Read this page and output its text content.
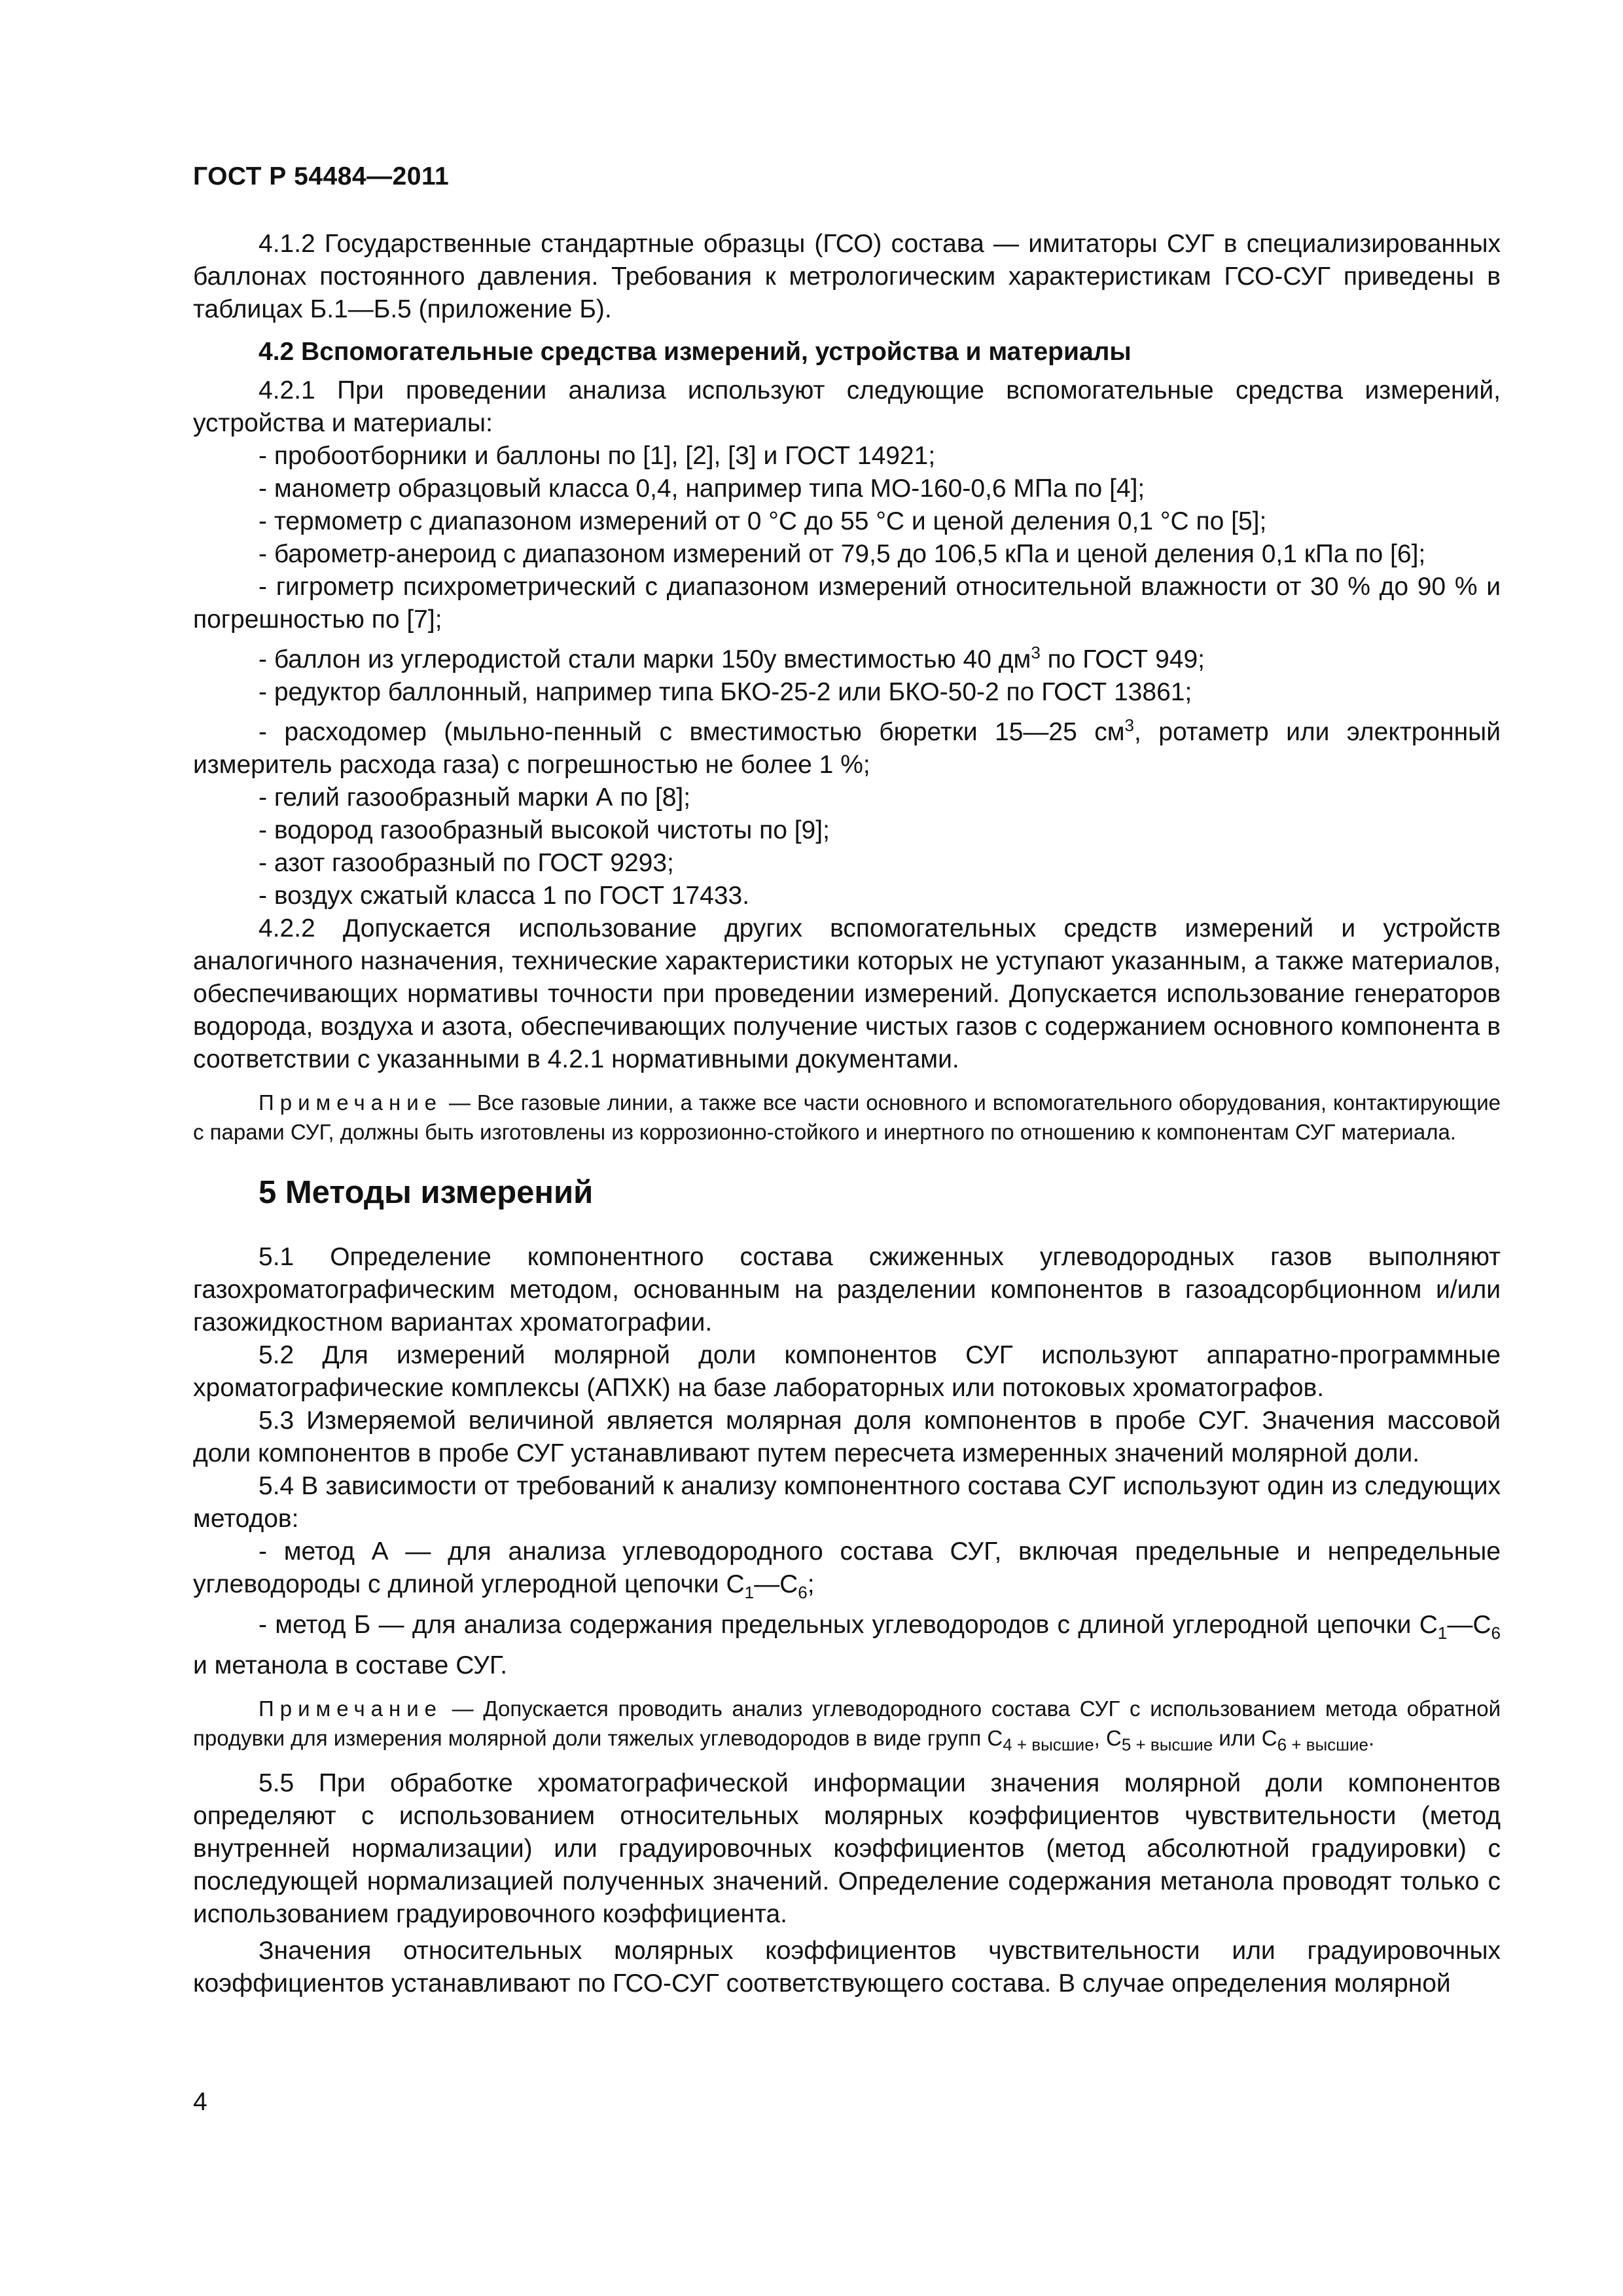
ГОСТ Р 54484—2011

4.1.2 Государственные стандартные образцы (ГСО) состава — имитаторы СУГ в специализированных баллонах постоянного давления. Требования к метрологическим характеристикам ГСО-СУГ приведены в таблицах Б.1—Б.5 (приложение Б).

4.2 Вспомогательные средства измерений, устройства и материалы

4.2.1 При проведении анализа используют следующие вспомогательные средства измерений, устройства и материалы:

- пробоотборники и баллоны по [1], [2], [3] и ГОСТ 14921;

- манометр образцовый класса 0,4, например типа МО-160-0,6 МПа по [4];

- термометр с диапазоном измерений от 0 °С до 55 °С и ценой деления 0,1 °С по [5];

- барометр-анероид с диапазоном измерений от 79,5 до 106,5 кПа и ценой деления 0,1 кПа по [6];

- гигрометр психрометрический с диапазоном измерений относительной влажности от 30 % до 90 % и погрешностью по [7];

- баллон из углеродистой стали марки 150у вместимостью 40 $дм^3$ по ГОСТ 949;

- редуктор баллонный, например типа БКО-25-2 или БКО-50-2 по ГОСТ 13861;

- расходомер (мыльно-пенный с вместимостью бюретки 15—25 $см^3$, ротаметр или электронный измеритель расхода газа) с погрешностью не более 1 %;

- гелий газообразный марки А по [8];

- водород газообразный высокой чистоты по [9];

- азот газообразный по ГОСТ 9293;

- воздух сжатый класса 1 по ГОСТ 17433.

4.2.2 Допускается использование других вспомогательных средств измерений и устройств аналогичного назначения, технические характеристики которых не уступают указанным, а также материалов, обеспечивающих нормативы точности при проведении измерений. Допускается использование генераторов водорода, воздуха и азота, обеспечивающих получение чистых газов с содержанием основного компонента в соответствии с указанными в 4.2.1 нормативными документами.

Примечание — Все газовые линии, а также все части основного и вспомогательного оборудования, контактирующие с парами СУГ, должны быть изготовлены из коррозионно-стойкого и инертного по отношению к компонентам СУГ материала.
5 Методы измерений

5.1 Определение компонентного состава сжиженных углеводородных газов выполняют газохроматографическим методом, основанным на разделении компонентов в газоадсорбционном и/или газожидкостном вариантах хроматографии.

5.2 Для измерений молярной доли компонентов СУГ используют аппаратно-программные хроматографические комплексы (АПХК) на базе лабораторных или потоковых хроматографов.

5.3 Измеряемой величиной является молярная доля компонентов в пробе СУГ. Значения массовой доли компонентов в пробе СУГ устанавливают путем пересчета измеренных значений молярной доли.

5.4 В зависимости от требований к анализу компонентного состава СУГ используют один из следующих методов:

- метод А — для анализа углеводородного состава СУГ, включая предельные и непредельные углеводороды с длиной углеродной цепочки $С_1—С_6$;

- метод Б — для анализа содержания предельных углеводородов с длиной углеродной цепочки $С_1—С_6$ и метанола в составе СУГ.

Примечание — Допускается проводить анализ углеводородного состава СУГ с использованием метода обратной продувки для измерения молярной доли тяжелых углеводородов в виде групп $С_{4 + высшие}$, $С_{5 + высшие}$ или $С_{6 + высшие}$.

5.5 При обработке хроматографической информации значения молярной доли компонентов определяют с использованием относительных молярных коэффициентов чувствительности (метод внутренней нормализации) или градуировочных коэффициентов (метод абсолютной градуировки) с последующей нормализацией полученных значений. Определение содержания метанола проводят только с использованием градуировочного коэффициента.

Значения относительных молярных коэффициентов чувствительности или градуировочных коэффициентов устанавливают по ГСО-СУГ соответствующего состава. В случае определения молярной

4
